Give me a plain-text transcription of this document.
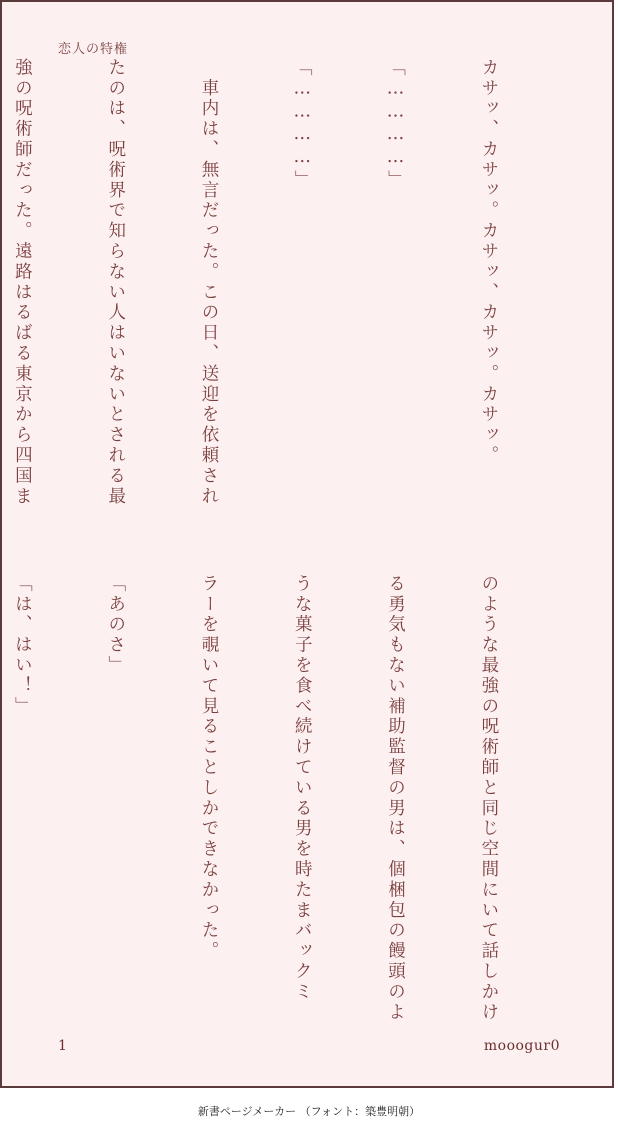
恋人の特権

カサッ、カサッ。カサッ、カサッ。カサッ。

「…………」

「…………」

　車内は、無言だった。この日、送迎を依頼され

たのは、呪術界で知らない人はいないとされる最

強の呪術師だった。遠路はるばる東京から四国ま

のような最強の呪術師と同じ空間にいて話しかけ

る勇気もない補助監督の男は、個梱包の饅頭のよ

うな菓子を食べ続けている男を時たまバックミ

ラーを覗いて見ることしかできなかった。

「あのさ」

「は、はい！」

1	mooogur0
新書ページメーカー （フォント：築豊明朝）
